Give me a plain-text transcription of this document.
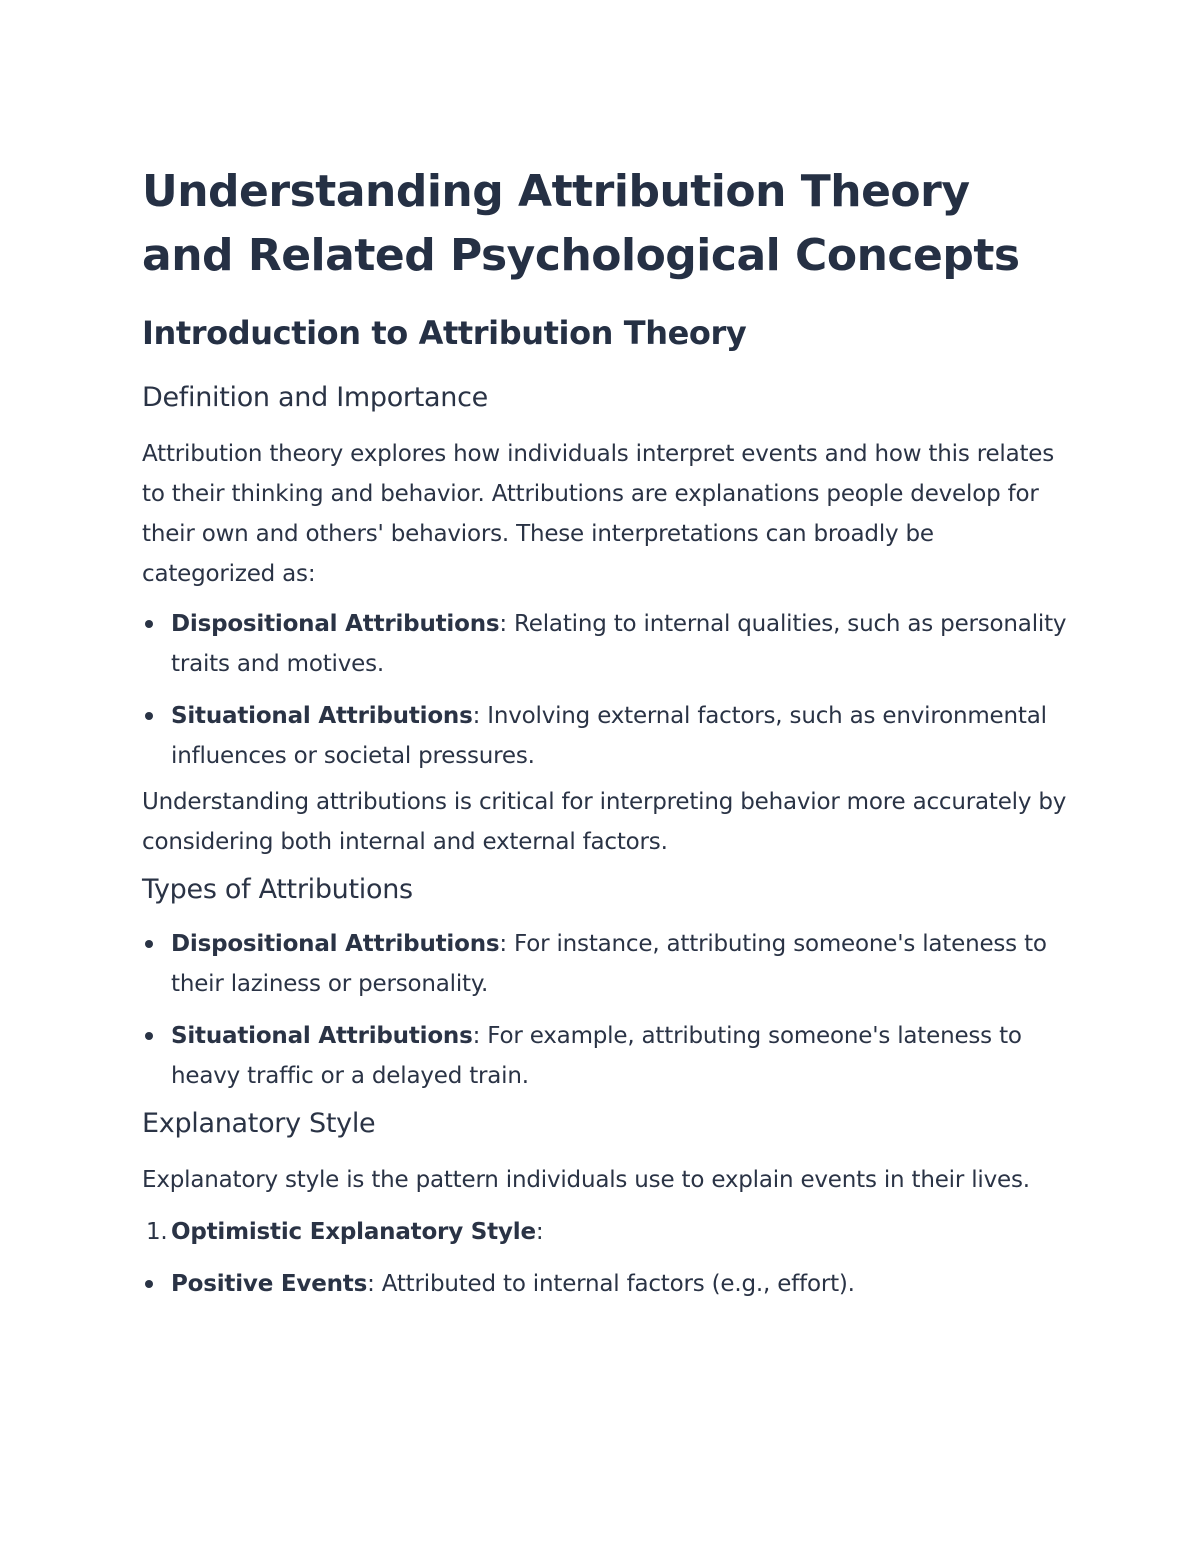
Understanding Attribution Theory and Related Psychological Concepts
Introduction to Attribution Theory
Definition and Importance

Attribution theory explores how individuals interpret events and how this relates to their thinking and behavior. Attributions are explanations people develop for their own and others' behaviors. These interpretations can broadly be categorized as:

Dispositional Attributions: Relating to internal qualities, such as personality traits and motives.
Situational Attributions: Involving external factors, such as environmental influences or societal pressures.

Understanding attributions is critical for interpreting behavior more accurately by considering both internal and external factors.

Types of Attributions
Dispositional Attributions: For instance, attributing someone's lateness to their laziness or personality.
Situational Attributions: For example, attributing someone's lateness to heavy traffic or a delayed train.
Explanatory Style

Explanatory style is the pattern individuals use to explain events in their lives.

1. Optimistic Explanatory Style:
Positive Events: Attributed to internal factors (e.g., effort).
